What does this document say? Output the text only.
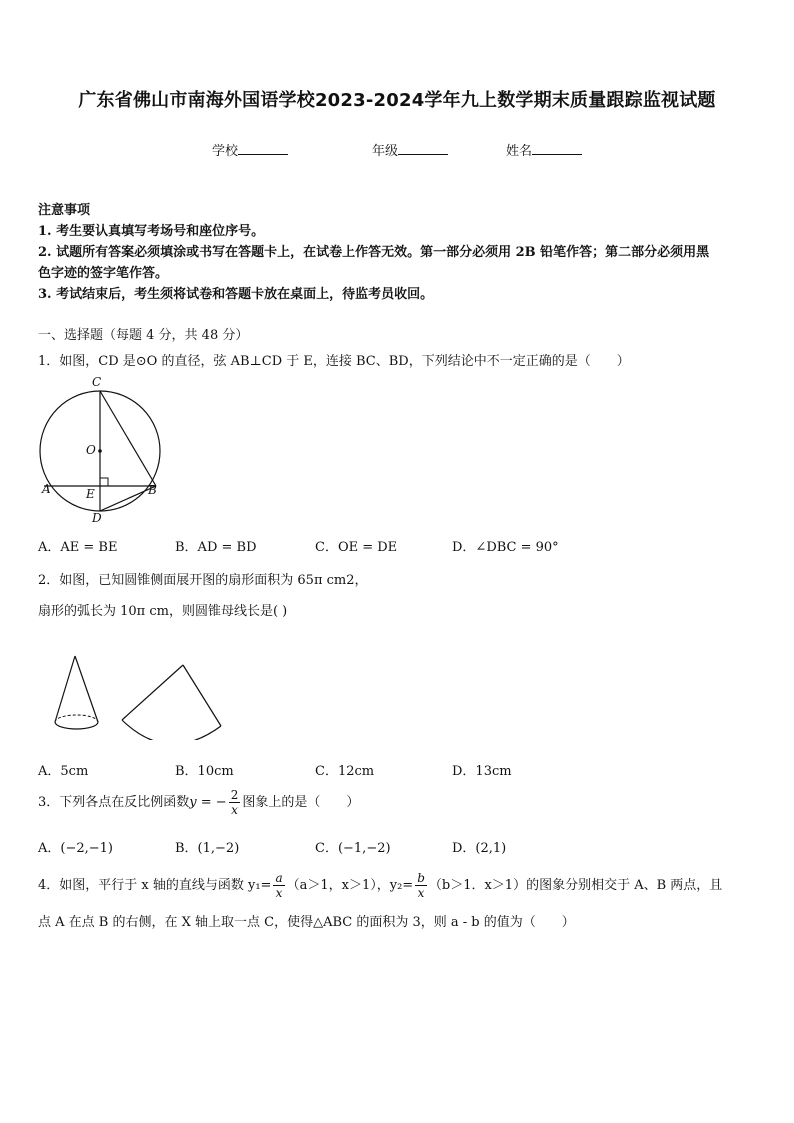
广东省佛山市南海外国语学校2023-2024学年九上数学期末质量跟踪监视试题
学校	年级	姓名
注意事项
1. 考生要认真填写考场号和座位序号。
2. 试题所有答案必须填涂或书写在答题卡上，在试卷上作答无效。第一部分必须用 2B 铅笔作答；第二部分必须用黑
色字迹的签字笔作答。
3. 考试结束后，考生须将试卷和答题卡放在桌面上，待监考员收回。
一、选择题（每题 4 分，共 48 分）
1．如图，CD 是⊙O 的直径，弦 AB⊥CD 于 E，连接 BC、BD，下列结论中不一定正确的是（　　）
C
O
A	E	B
D
A．AE = BE	B．AD = BD	C．OE = DE	D．∠DBC = 90°
2．如图，已知圆锥侧面展开图的扇形面积为 65π cm2，
扇形的弧长为 10π cm，则圆锥母线长是( )
A．5cm	B．10cm	C．12cm	D．13cm
3．下列各点在反比例函数y = − $\frac{2}{x}$ 图象上的是（　　）
A．(−2,−1)	B．(1,−2)	C．(−1,−2)	D．(2,1)
4．如图，平行于 x 轴的直线与函数 $y_1= \frac{a}{x} (a>1$，x＞1），$y_2= \frac{b}{x} (b>1$．x＞1）的图象分别相交于 A、B 两点，且
点 A 在点 B 的右侧，在 X 轴上取一点 C，使得△ABC 的面积为 3，则 a - b 的值为（　　）
